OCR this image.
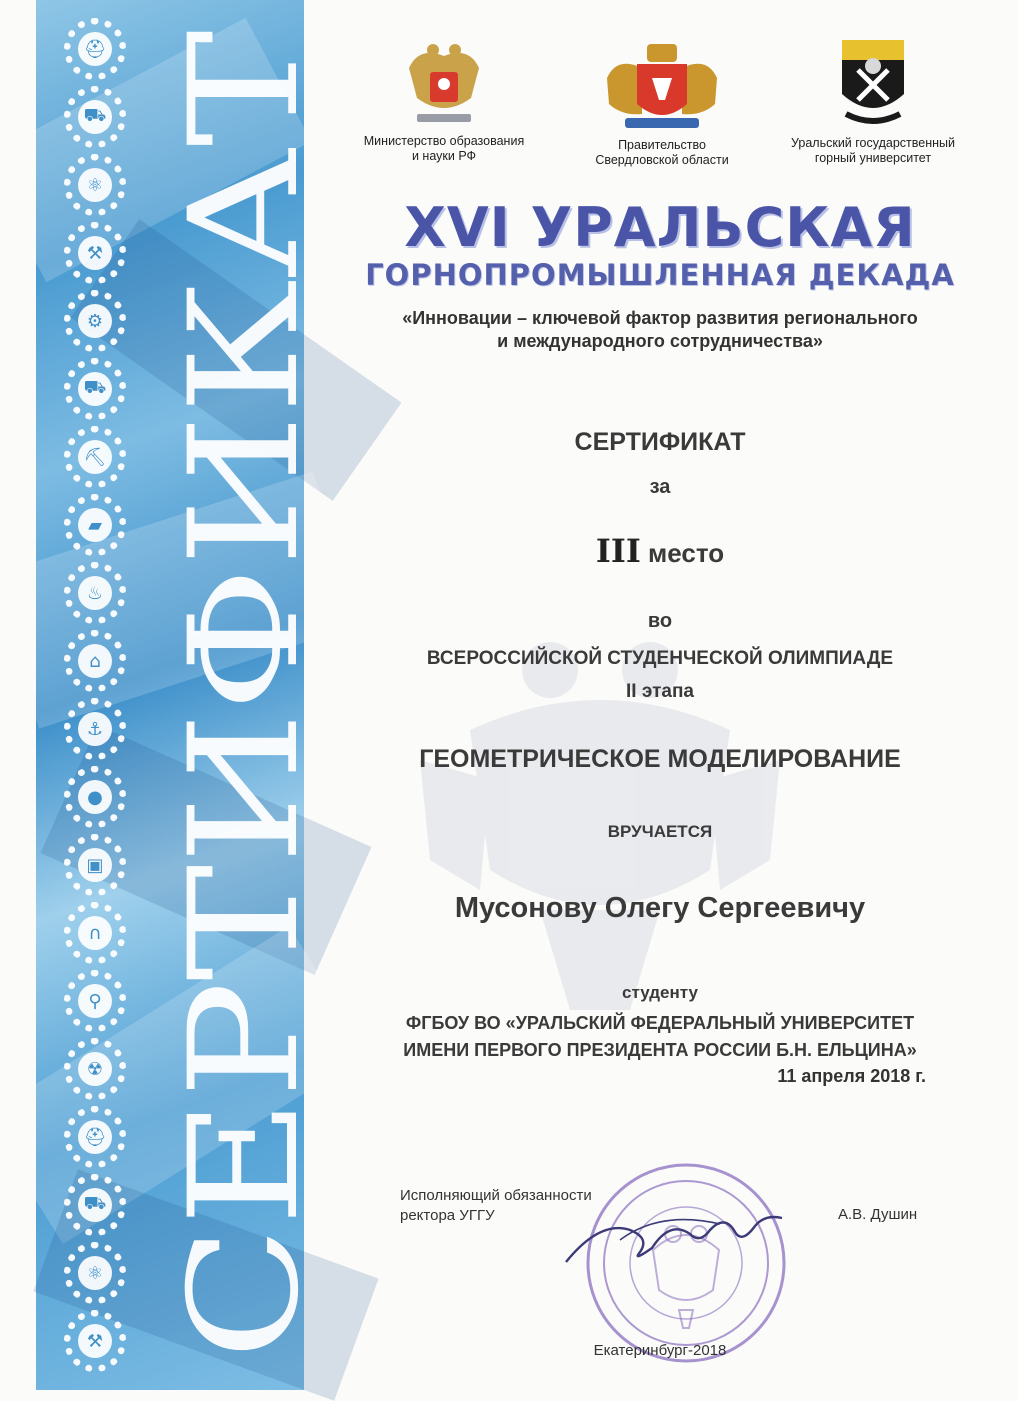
⛑
⛟
⚛
⚒
⚙
⛟
⛏
▰
♨
⌂
⚓
●
▣
∩
⚲
☢
⛑
⛟
⚛
⚒ СЕРТИФИКАТ
Министерство образования
и науки РФ
Правительство
Свердловской области
Уральский государственный
горный университет
XVI УРАЛЬСКАЯ
ГОРНОПРОМЫШЛЕННАЯ ДЕКАДА
«Инновации – ключевой фактор развития регионального
и международного сотрудничества»
СЕРТИФИКАТ
за
III место
во
ВСЕРОССИЙСКОЙ СТУДЕНЧЕСКОЙ ОЛИМПИАДЕ
II этапа
ГЕОМЕТРИЧЕСКОЕ МОДЕЛИРОВАНИЕ
ВРУЧАЕТСЯ
Мусонову Олегу Сергеевичу
студенту
ФГБОУ ВО «УРАЛЬСКИЙ ФЕДЕРАЛЬНЫЙ УНИВЕРСИТЕТ
ИМЕНИ ПЕРВОГО ПРЕЗИДЕНТА РОССИИ Б.Н. ЕЛЬЦИНА»
11 апреля 2018 г.
Исполняющий обязанности
ректора УГГУ	А.В. Душин
Екатеринбург-2018
